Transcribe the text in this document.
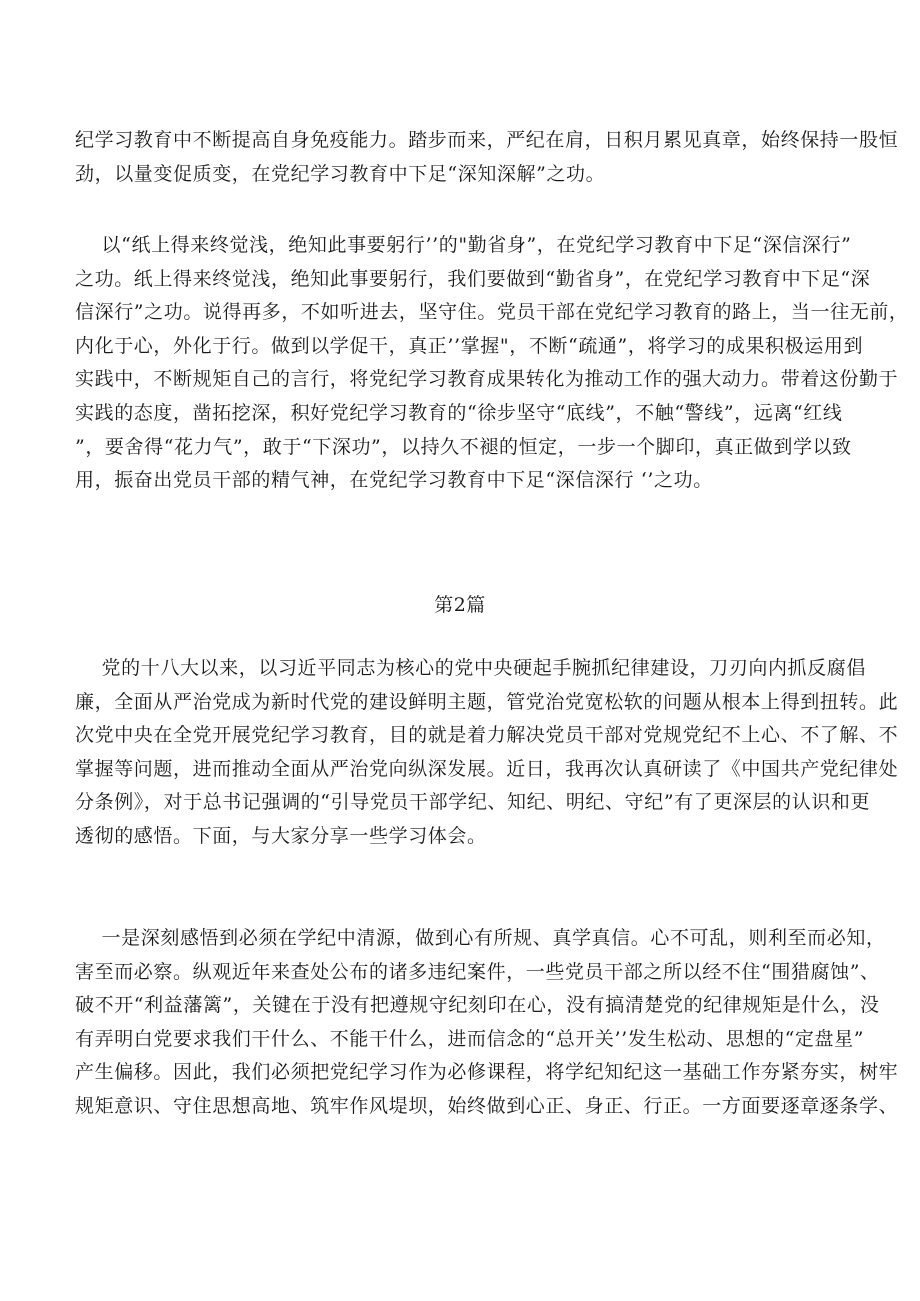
纪学习教育中不断提高自身免疫能力。踏步而来，严纪在肩，日积月累见真章，始终保持一股恒
劲，以量变促质变，在党纪学习教育中下足“深知深解”之功。

以“纸上得来终觉浅，绝知此事要躬行’’的"勤省身”，在党纪学习教育中下足“深信深行”
之功。纸上得来终觉浅，绝知此事要躬行，我们要做到“勤省身”，在党纪学习教育中下足“深
信深行”之功。说得再多，不如听进去，坚守住。党员干部在党纪学习教育的路上，当一往无前，
内化于心，外化于行。做到以学促干，真正’’掌握"，不断“疏通”，将学习的成果积极运用到
实践中，不断规矩自己的言行，将党纪学习教育成果转化为推动工作的强大动力。带着这份勤于
实践的态度，凿拓挖深，积好党纪学习教育的“徐步坚守“底线”，不触“警线”，远离“红线
”，要舍得“花力气”，敢于“下深功”，以持久不褪的恒定，一步一个脚印，真正做到学以致
用，振奋出党员干部的精气神，在党纪学习教育中下足“深信深行 ‘’之功。

第2篇

党的十八大以来，以习近平同志为核心的党中央硬起手腕抓纪律建设，刀刃向内抓反腐倡
廉，全面从严治党成为新时代党的建设鲜明主题，管党治党宽松软的问题从根本上得到扭转。此
次党中央在全党开展党纪学习教育，目的就是着力解决党员干部对党规党纪不上心、不了解、不
掌握等问题，进而推动全面从严治党向纵深发展。近日，我再次认真研读了《中国共产党纪律处
分条例》，对于总书记强调的“引导党员干部学纪、知纪、明纪、守纪”有了更深层的认识和更
透彻的感悟。下面，与大家分享一些学习体会。

一是深刻感悟到必须在学纪中清源，做到心有所规、真学真信。心不可乱，则利至而必知，
害至而必察。纵观近年来查处公布的诸多违纪案件，一些党员干部之所以经不住“围猎腐蚀”、
破不开“利益藩篱”，关键在于没有把遵规守纪刻印在心，没有搞清楚党的纪律规矩是什么，没
有弄明白党要求我们干什么、不能干什么，进而信念的“总开关’’发生松动、思想的“定盘星”
产生偏移。因此，我们必须把党纪学习作为必修课程，将学纪知纪这一基础工作夯紧夯实，树牢
规矩意识、守住思想高地、筑牢作风堤坝，始终做到心正、身正、行正。一方面要逐章逐条学、
